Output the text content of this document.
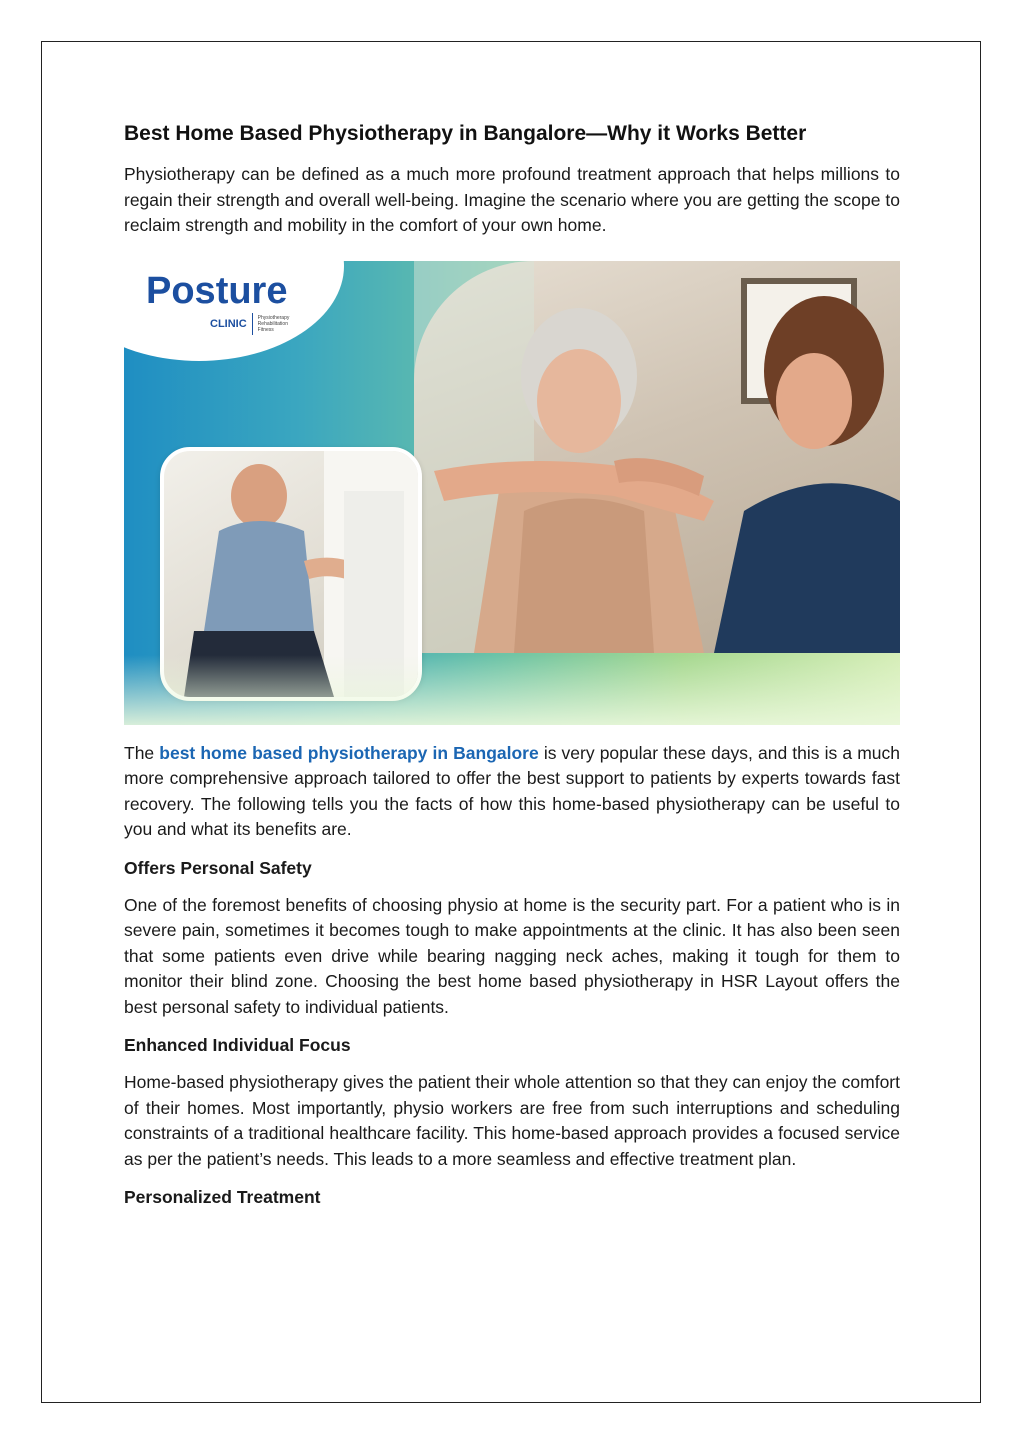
Best Home Based Physiotherapy in Bangalore—Why it Works Better

Physiotherapy can be defined as a much more profound treatment approach that helps millions to regain their strength and overall well-being. Imagine the scenario where you are getting the scope to reclaim strength and mobility in the comfort of your own home.

Posture
CLINIC Physiotherapy
Rehabilitation
Fitness

The best home based physiotherapy in Bangalore is very popular these days, and this is a much more comprehensive approach tailored to offer the best support to patients by experts towards fast recovery. The following tells you the facts of how this home-based physiotherapy can be useful to you and what its benefits are.

Offers Personal Safety

One of the foremost benefits of choosing physio at home is the security part. For a patient who is in severe pain, sometimes it becomes tough to make appointments at the clinic. It has also been seen that some patients even drive while bearing nagging neck aches, making it tough for them to monitor their blind zone. Choosing the best home based physiotherapy in HSR Layout offers the best personal safety to individual patients.

Enhanced Individual Focus

Home-based physiotherapy gives the patient their whole attention so that they can enjoy the comfort of their homes. Most importantly, physio workers are free from such interruptions and scheduling constraints of a traditional healthcare facility. This home-based approach provides a focused service as per the patient’s needs. This leads to a more seamless and effective treatment plan.

Personalized Treatment
